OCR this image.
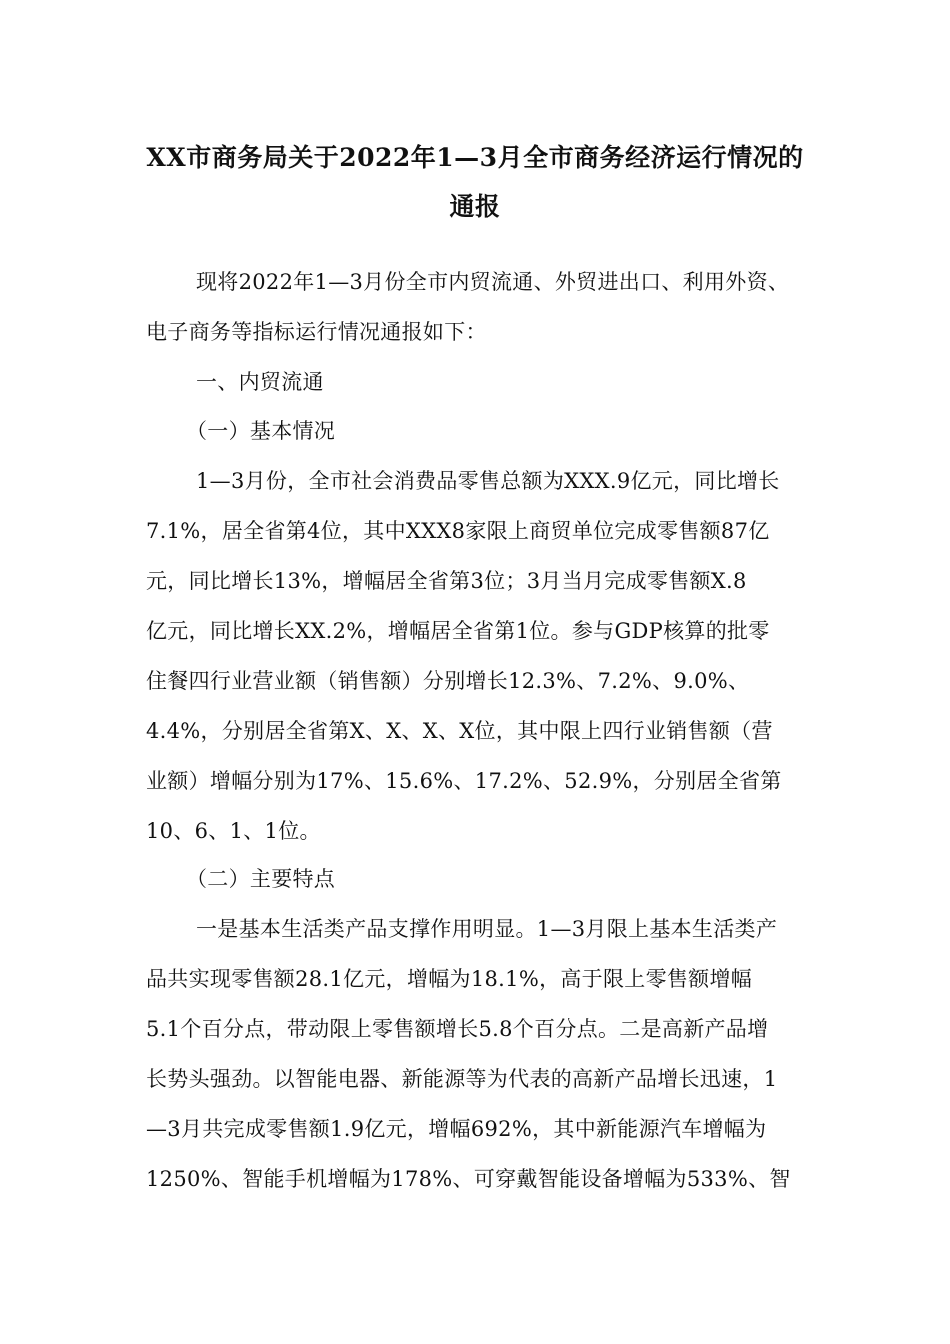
XX市商务局关于2022年1—3月全市商务经济运行情况的
通报
现将2022年1—3月份全市内贸流通、外贸进出口、利用外资、
电子商务等指标运行情况通报如下：
一、内贸流通
（一）基本情况
1—3月份，全市社会消费品零售总额为XXX.9亿元，同比增长
7.1%，居全省第4位，其中XXX8家限上商贸单位完成零售额87亿
元，同比增长13%，增幅居全省第3位；3月当月完成零售额X.8
亿元，同比增长XX.2%，增幅居全省第1位。参与GDP核算的批零
住餐四行业营业额（销售额）分别增长12.3%、7.2%、9.0%、
4.4%，分别居全省第X、X、X、X位，其中限上四行业销售额（营
业额）增幅分别为17%、15.6%、17.2%、52.9%，分别居全省第
10、6、1、1位。
（二）主要特点
一是基本生活类产品支撑作用明显。1—3月限上基本生活类产
品共实现零售额28.1亿元，增幅为18.1%，高于限上零售额增幅
5.1个百分点，带动限上零售额增长5.8个百分点。二是高新产品增
长势头强劲。以智能电器、新能源等为代表的高新产品增长迅速，1
—3月共完成零售额1.9亿元，增幅692%，其中新能源汽车增幅为
1250%、智能手机增幅为178%、可穿戴智能设备增幅为533%、智
